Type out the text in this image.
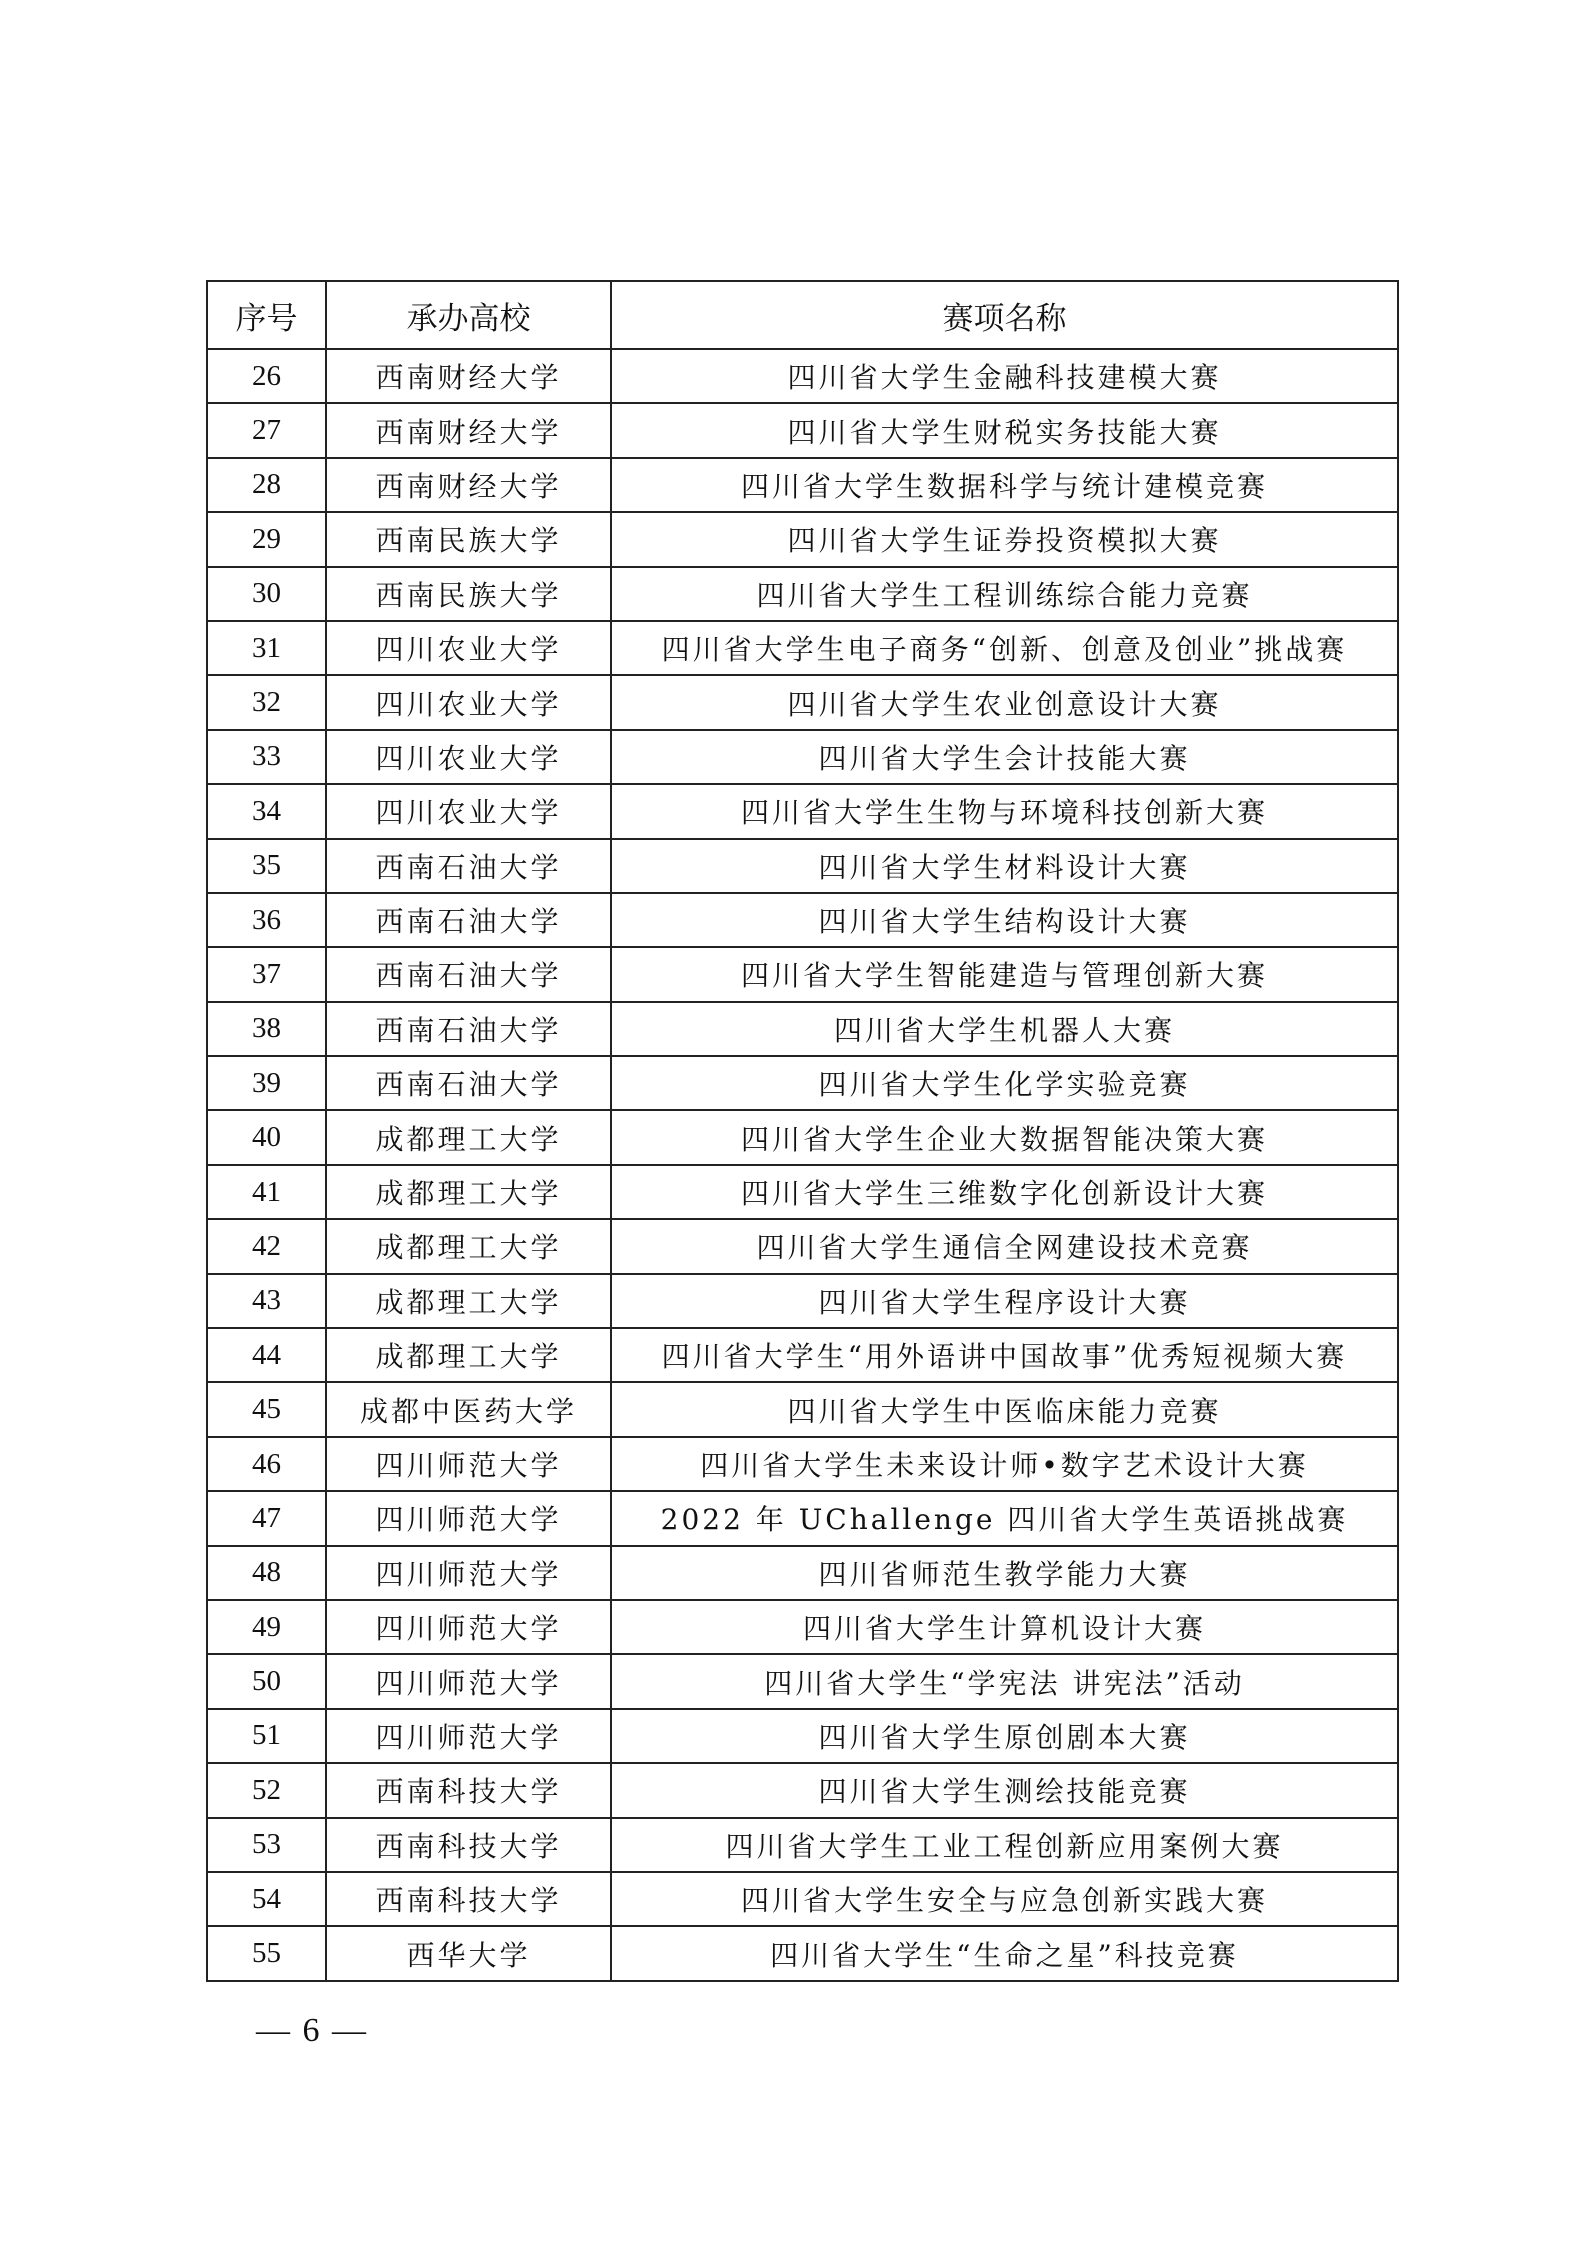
序号	承办高校	赛项名称
26	西南财经大学	四川省大学生金融科技建模大赛
27	西南财经大学	四川省大学生财税实务技能大赛
28	西南财经大学	四川省大学生数据科学与统计建模竞赛
29	西南民族大学	四川省大学生证券投资模拟大赛
30	西南民族大学	四川省大学生工程训练综合能力竞赛
31	四川农业大学	四川省大学生电子商务“创新、创意及创业”挑战赛
32	四川农业大学	四川省大学生农业创意设计大赛
33	四川农业大学	四川省大学生会计技能大赛
34	四川农业大学	四川省大学生生物与环境科技创新大赛
35	西南石油大学	四川省大学生材料设计大赛
36	西南石油大学	四川省大学生结构设计大赛
37	西南石油大学	四川省大学生智能建造与管理创新大赛
38	西南石油大学	四川省大学生机器人大赛
39	西南石油大学	四川省大学生化学实验竞赛
40	成都理工大学	四川省大学生企业大数据智能决策大赛
41	成都理工大学	四川省大学生三维数字化创新设计大赛
42	成都理工大学	四川省大学生通信全网建设技术竞赛
43	成都理工大学	四川省大学生程序设计大赛
44	成都理工大学	四川省大学生“用外语讲中国故事”优秀短视频大赛
45	成都中医药大学	四川省大学生中医临床能力竞赛
46	四川师范大学	四川省大学生未来设计师•数字艺术设计大赛
47	四川师范大学	2022 年 UChallenge 四川省大学生英语挑战赛
48	四川师范大学	四川省师范生教学能力大赛
49	四川师范大学	四川省大学生计算机设计大赛
50	四川师范大学	四川省大学生“学宪法 讲宪法”活动
51	四川师范大学	四川省大学生原创剧本大赛
52	西南科技大学	四川省大学生测绘技能竞赛
53	西南科技大学	四川省大学生工业工程创新应用案例大赛
54	西南科技大学	四川省大学生安全与应急创新实践大赛
55	西华大学	四川省大学生“生命之星”科技竞赛
— 6 —
